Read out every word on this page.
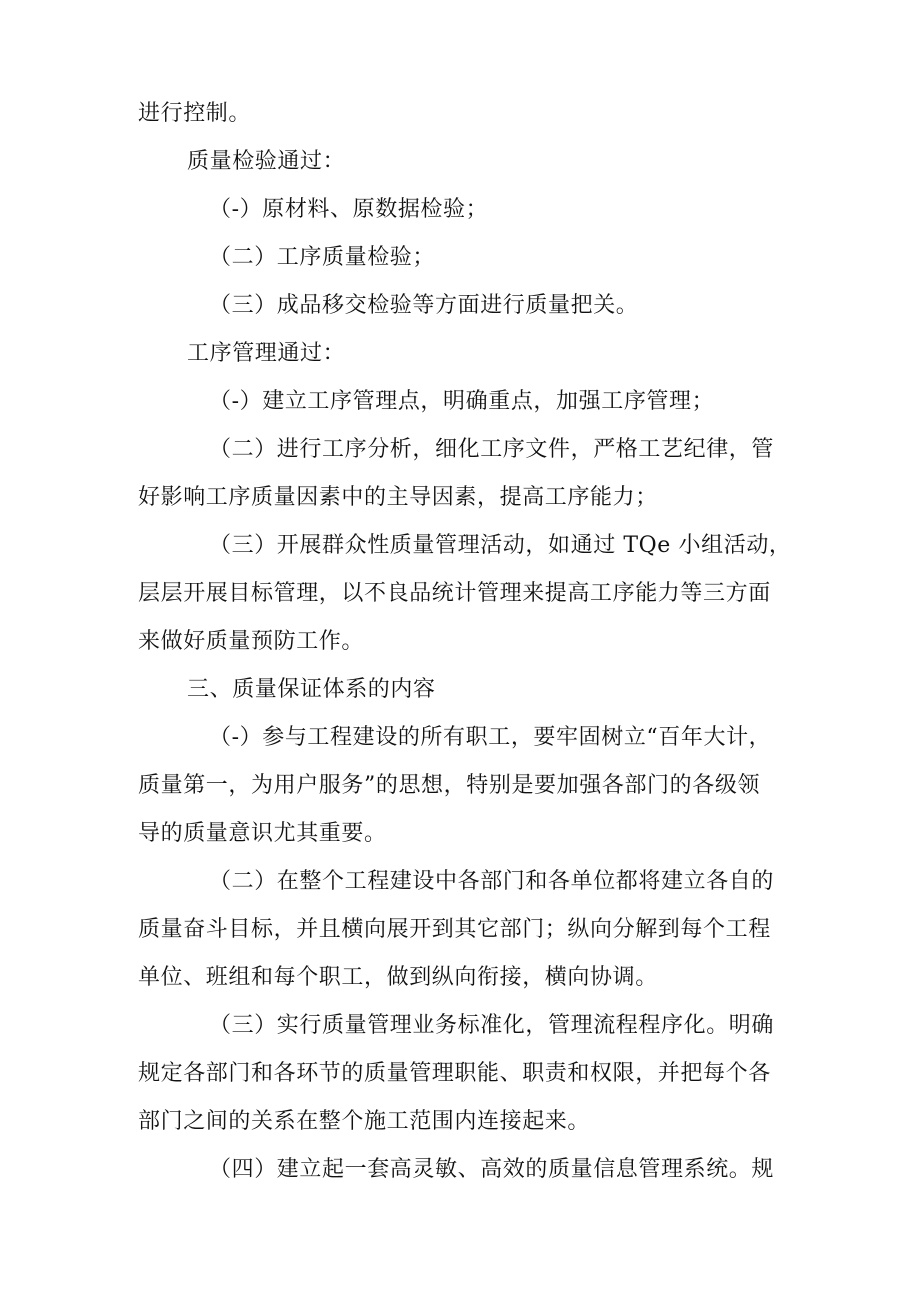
进行控制。
质量检验通过：
（-）原材料、原数据检验；
（二）工序质量检验；
（三）成品移交检验等方面进行质量把关。
工序管理通过：
（-）建立工序管理点，明确重点，加强工序管理；
（二）进行工序分析，细化工序文件，严格工艺纪律，管
好影响工序质量因素中的主导因素，提高工序能力；
（三）开展群众性质量管理活动，如通过 TQe 小组活动，
层层开展目标管理，以不良品统计管理来提高工序能力等三方面
来做好质量预防工作。
三、质量保证体系的内容
（-）参与工程建设的所有职工，要牢固树立“百年大计，
质量第一，为用户服务”的思想，特别是要加强各部门的各级领
导的质量意识尤其重要。
（二）在整个工程建设中各部门和各单位都将建立各自的
质量奋斗目标，并且横向展开到其它部门；纵向分解到每个工程
单位、班组和每个职工，做到纵向衔接，横向协调。
（三）实行质量管理业务标准化，管理流程程序化。明确
规定各部门和各环节的质量管理职能、职责和权限，并把每个各
部门之间的关系在整个施工范围内连接起来。
（四）建立起一套高灵敏、高效的质量信息管理系统。规
